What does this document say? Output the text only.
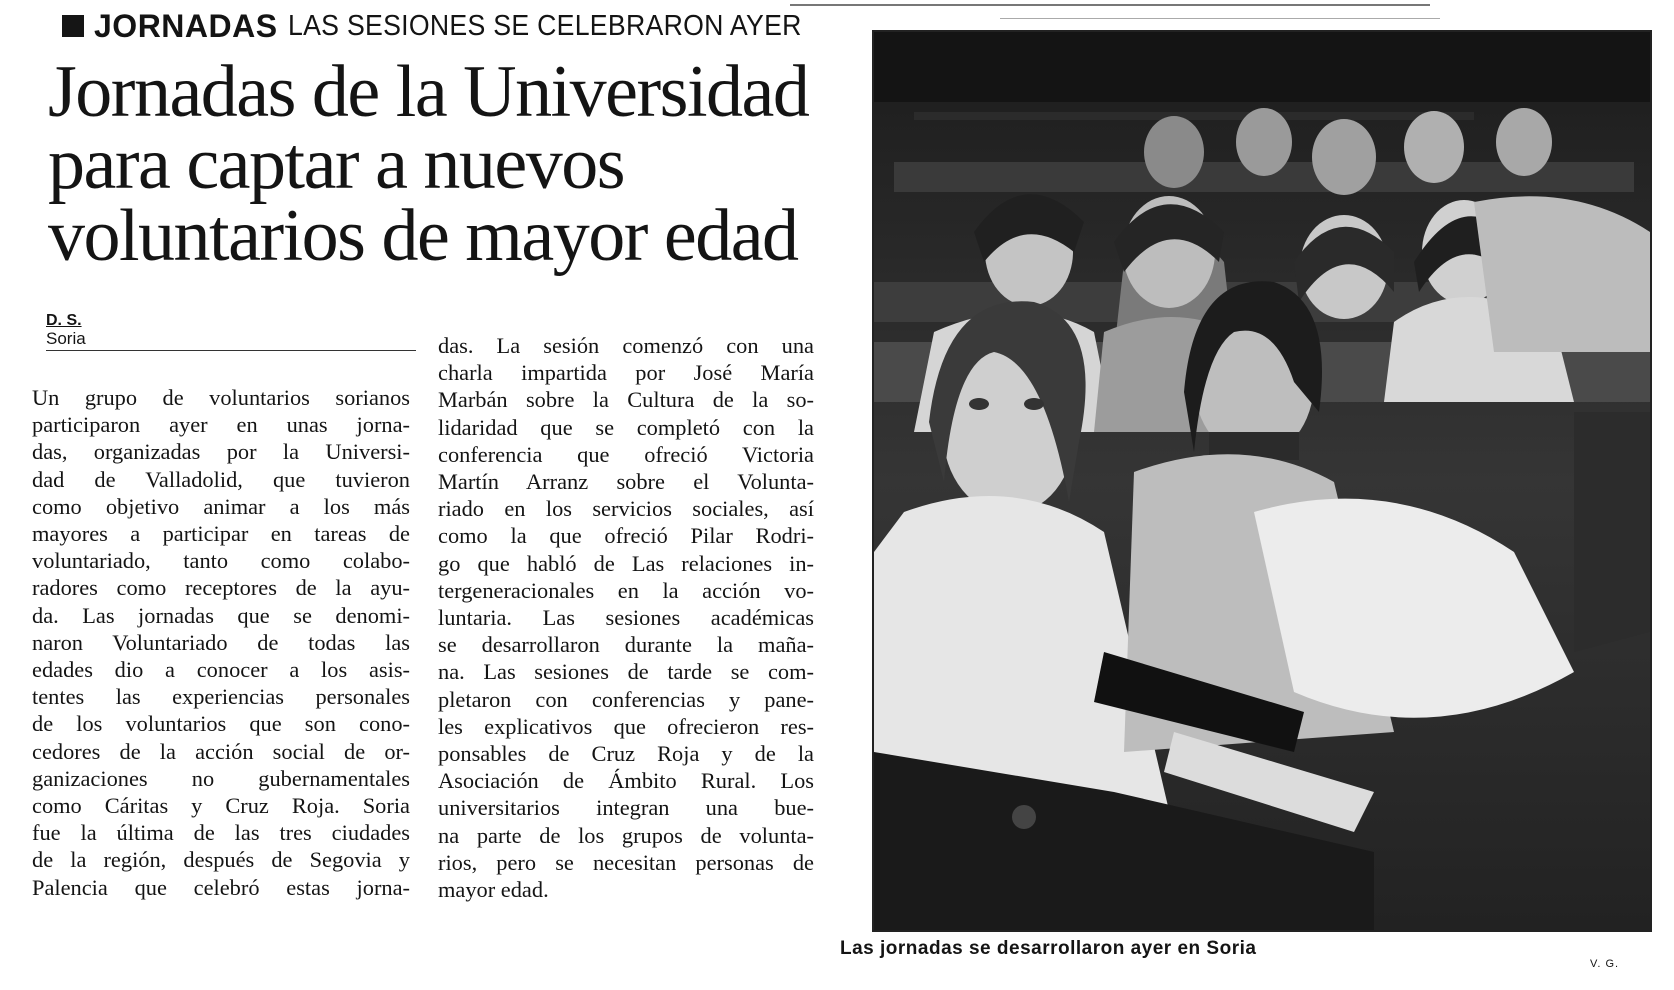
JORNADAS LAS SESIONES SE CELEBRARON AYER
Jornadas de la Universidad
para captar a nuevos
voluntarios de mayor edad
D. S.
Soria
Un grupo de voluntarios sorianos
participaron ayer en unas jorna-
das, organizadas por la Universi-
dad de Valladolid, que tuvieron
como objetivo animar a los más
mayores a participar en tareas de
voluntariado, tanto como colabo-
radores como receptores de la ayu-
da. Las jornadas que se denomi-
naron Voluntariado de todas las
edades dio a conocer a los asis-
tentes las experiencias personales
de los voluntarios que son cono-
cedores de la acción social de or-
ganizaciones no gubernamentales
como Cáritas y Cruz Roja. Soria
fue la última de las tres ciudades
de la región, después de Segovia y
Palencia que celebró estas jorna-
das. La sesión comenzó con una
charla impartida por José María
Marbán sobre la Cultura de la so-
lidaridad que se completó con la
conferencia que ofreció Victoria
Martín Arranz sobre el Volunta-
riado en los servicios sociales, así
como la que ofreció Pilar Rodri-
go que habló de Las relaciones in-
tergeneracionales en la acción vo-
luntaria. Las sesiones académicas
se desarrollaron durante la maña-
na. Las sesiones de tarde se com-
pletaron con conferencias y pane-
les explicativos que ofrecieron res-
ponsables de Cruz Roja y de la
Asociación de Ámbito Rural. Los
universitarios integran una bue-
na parte de los grupos de volunta-
rios, pero se necesitan personas de
mayor edad.
Las jornadas se desarrollaron ayer en Soria
V. G.
